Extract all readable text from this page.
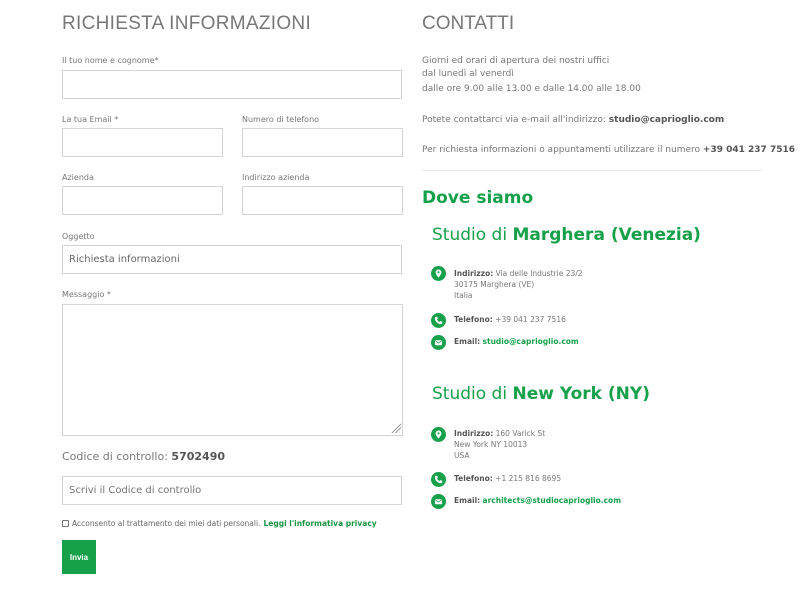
RICHIESTA INFORMAZIONI
Il tuo nome e cognome*
La tua Email *	Numero di telefono
Azienda	Indirizzo azienda
Oggetto
Richiesta informazioni
Messaggio *
Codice di controllo: 5702490
Scrivi il Codice di controllo
Acconsento al trattamento dei miei dati personali. Leggi l'informativa privacy
Invia
CONTATTI
Giorni ed orari di apertura dei nostri uffici
dal lunedì al venerdì
dalle ore 9.00 alle 13.00 e dalle 14.00 alle 18.00
Potete contattarci via e-mail all'indirizzo: studio@caprioglio.com
Per richiesta informazioni o appuntamenti utilizzare il numero +39 041 237 7516
Dove siamo
Studio di Marghera (Venezia)
Indirizzo: Via delle Industrie 23/2
30175 Marghera (VE)
Italia
Telefono: +39 041 237 7516
Email: studio@caprioglio.com
Studio di New York (NY)
Indirizzo: 160 Varick St
New York NY 10013
USA
Telefono: +1 215 816 8695
Email: architects@studiocaprioglio.com
